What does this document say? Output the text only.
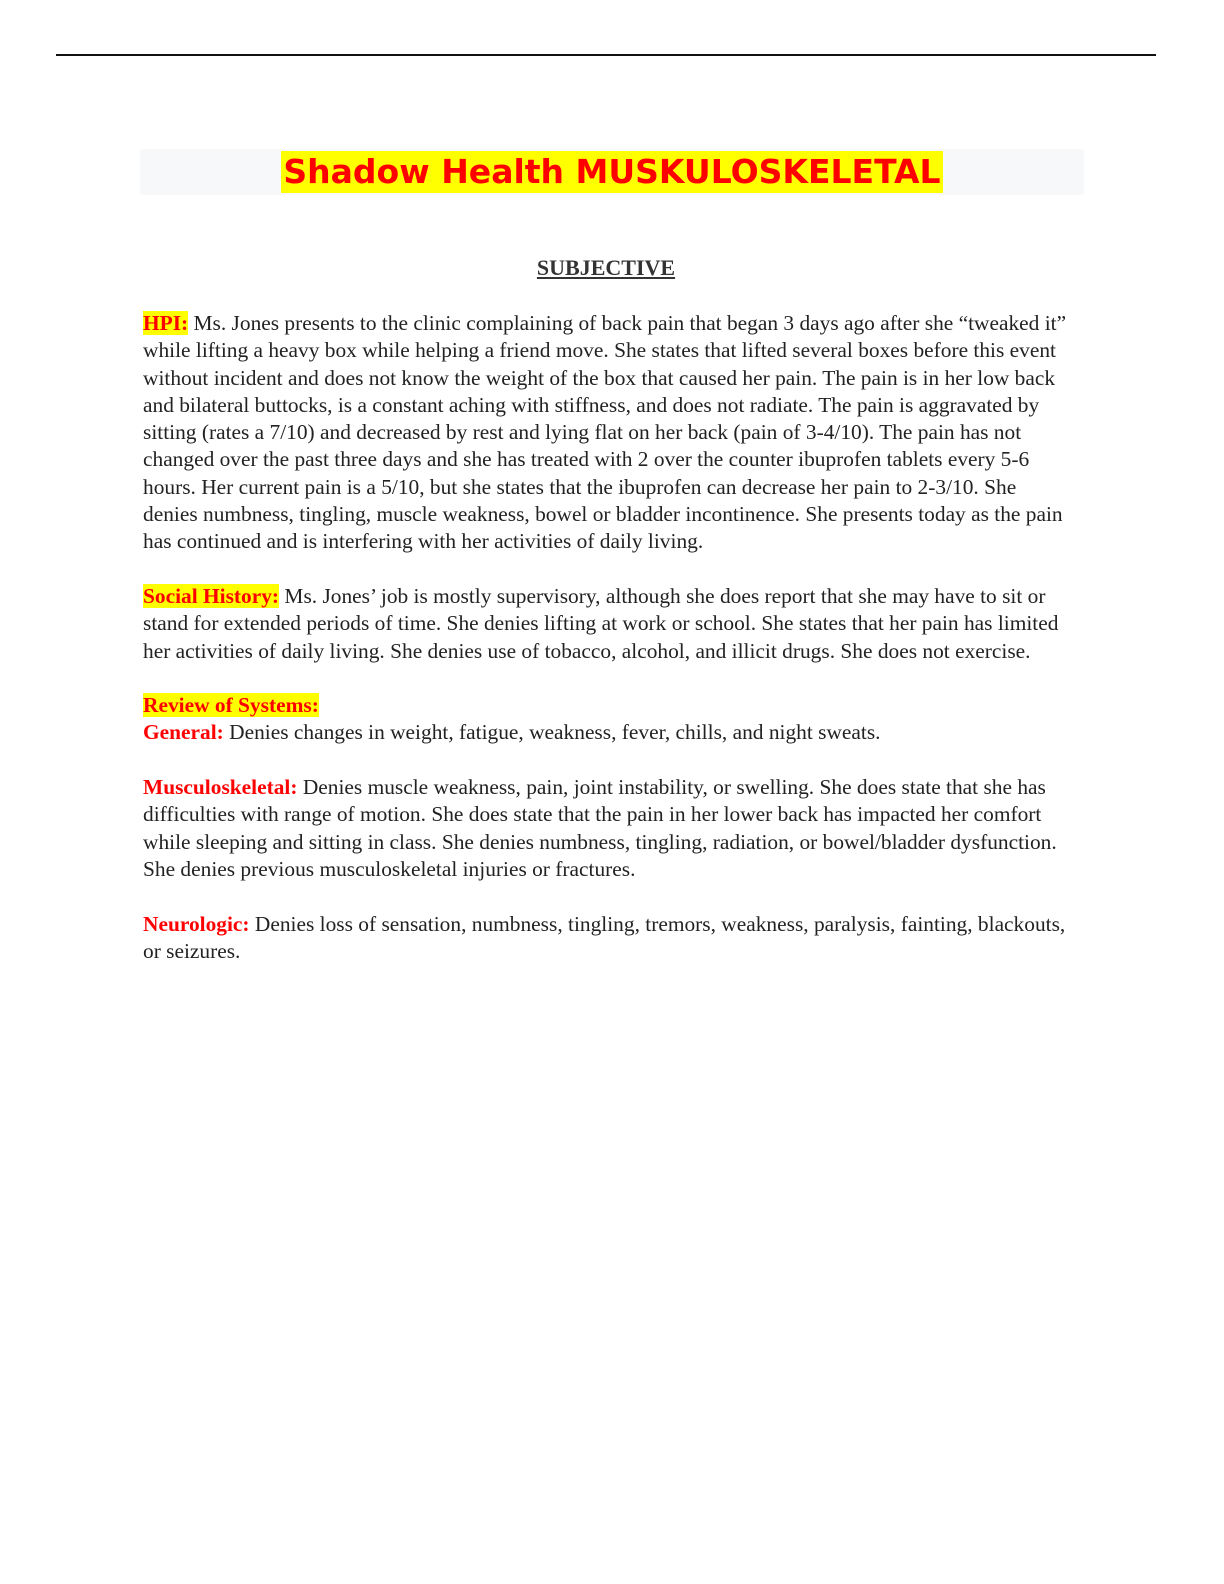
Shadow Health MUSKULOSKELETAL
SUBJECTIVE

HPI: Ms. Jones presents to the clinic complaining of back pain that began 3 days ago after she “tweaked it” while lifting a heavy box while helping a friend move. She states that lifted several boxes before this event without incident and does not know the weight of the box that caused her pain. The pain is in her low back and bilateral buttocks, is a constant aching with stiffness, and does not radiate. The pain is aggravated by sitting (rates a 7/10) and decreased by rest and lying flat on her back (pain of 3-4/10). The pain has not changed over the past three days and she has treated with 2 over the counter ibuprofen tablets every 5-6 hours. Her current pain is a 5/10, but she states that the ibuprofen can decrease her pain to 2-3/10. She denies numbness, tingling, muscle weakness, bowel or bladder incontinence. She presents today as the pain has continued and is interfering with her activities of daily living.

Social History: Ms. Jones’ job is mostly supervisory, although she does report that she may have to sit or stand for extended periods of time. She denies lifting at work or school. She states that her pain has limited her activities of daily living. She denies use of tobacco, alcohol, and illicit drugs. She does not exercise.

Review of Systems:
General: Denies changes in weight, fatigue, weakness, fever, chills, and night sweats.

Musculoskeletal: Denies muscle weakness, pain, joint instability, or swelling. She does state that she has difficulties with range of motion. She does state that the pain in her lower back has impacted her comfort while sleeping and sitting in class. She denies numbness, tingling, radiation, or bowel/bladder dysfunction. She denies previous musculoskeletal injuries or fractures.

Neurologic: Denies loss of sensation, numbness, tingling, tremors, weakness, paralysis, fainting, blackouts, or seizures.
